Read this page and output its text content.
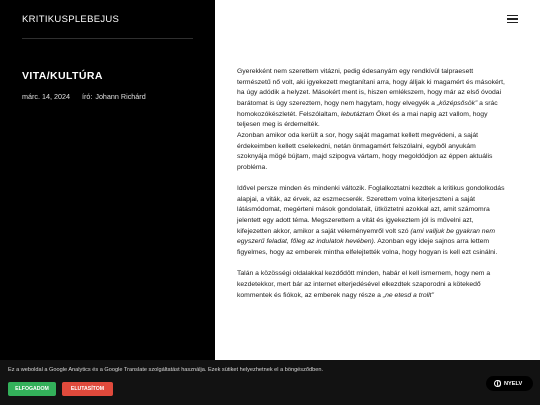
KRITIKUSPLEBEJUS
VITA/KULTÚRA
márc. 14, 2024 író: Johann Richárd

Gyerekként nem szerettem vitázni, pedig édesanyám egy rendkívül talpraesett természetű nő volt, aki igyekezett megtanítani arra, hogy álljak ki magamért és másokért, ha úgy adódik a helyzet. Másokért ment is, hiszen emlékszem, hogy már az első óvodai barátomat is úgy szereztem, hogy nem hagytam, hogy elvegyék a „középsősök” a srác homokozókészletét. Felszólaltam, lebutáztam Őket és a mai napig azt vallom, hogy teljesen meg is érdemelték.
Azonban amikor oda került a sor, hogy saját magamat kellett megvédeni, a saját érdekeimben kellett cselekedni, netán önmagamért felszólalni, egyből anyukám szoknyája mögé bújtam, majd szipogva vártam, hogy megoldódjon az éppen aktuális probléma.

Idővel persze minden és mindenki változik. Foglalkoztatni kezdtek a kritikus gondolkodás alapjai, a viták, az érvek, az eszmecserék. Szerettem volna kiterjeszteni a saját látásmódomat, megérteni mások gondolatait, ütköztetni azokkal azt, amit számomra jelentett egy adott téma. Megszerettem a vitát és igyekeztem jól is művelni azt, kifejezetten akkor, amikor a saját véleményemről volt szó (ami valljuk be gyakran nem egyszerű feladat, főleg az indulatok hevében). Azonban egy ideje sajnos arra lettem figyelmes, hogy az emberek mintha elfelejtették volna, hogy hogyan is kell ezt csinálni.

Talán a közösségi oldalakkal kezdődött minden, habár el kell ismernem, hogy nem a kezdetekkor, mert bár az internet elterjedésével elkezdtek szaporodni a kötekedő kommentek és fiókok, az emberek nagy része a „ne etesd a trollt”

Ez a weboldal a Google Analytics és a Google Translate szolgáltatást használja. Ezek sütiket helyezhetnek el a böngésződben.
ELFOGADOM	ELUTASÍTOM
NYELV
